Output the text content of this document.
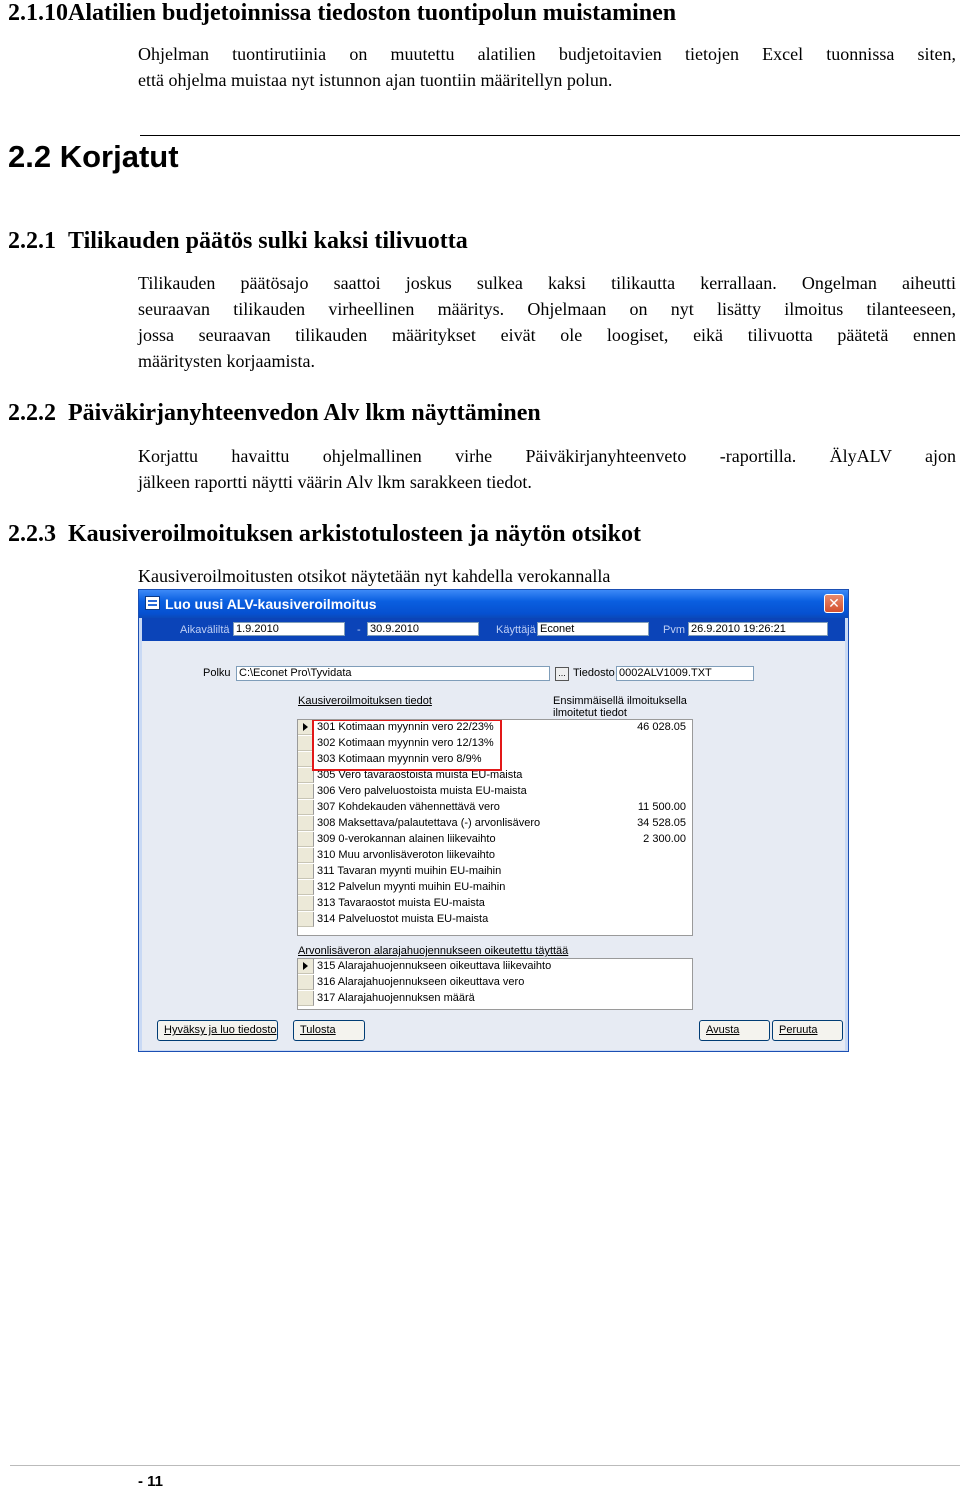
2.1.10Alatilien budjetoinnissa tiedoston tuontipolun muistaminen
Ohjelman tuontirutiinia on muutettu alatilien budjetoitavien tietojen Excel tuonnissa siten,
että ohjelma muistaa nyt istunnon ajan tuontiin määritellyn polun.
2.2 Korjatut
2.2.1 Tilikauden päätös sulki kaksi tilivuotta
Tilikauden päätösajo saattoi joskus sulkea kaksi tilikautta kerrallaan. Ongelman aiheutti
seuraavan tilikauden virheellinen määritys. Ohjelmaan on nyt lisätty ilmoitus tilanteeseen,
jossa seuraavan tilikauden määritykset eivät ole loogiset, eikä tilivuotta päätetä ennen
määritysten korjaamista.
2.2.2 Päiväkirjanyhteenvedon Alv lkm näyttäminen
Korjattu havaittu ohjelmallinen virhe Päiväkirjanyhteenveto -raportilla. ÄlyALV ajon
jälkeen raportti näytti väärin Alv lkm sarakkeen tiedot.
2.2.3 Kausiveroilmoituksen arkistotulosteen ja näytön otsikot
Kausiveroilmoitusten otsikot näytetään nyt kahdella verokannalla
Luo uusi ALV-kausiveroilmoitus	✕
Aikaväliltä 1.9.2010	- 30.9.2010	Käyttäjä Econet	Pvm 26.9.2010 19:26:21
Polku C:\Econet Pro\Tyvidata	... Tiedosto 0002ALV1009.TXT
Kausiveroilmoituksen tiedot	Ensimmäisellä ilmoituksella
ilmoitetut tiedot
301 Kotimaan myynnin vero 22/23%	46 028.05
302 Kotimaan myynnin vero 12/13%
303 Kotimaan myynnin vero 8/9%
305 Vero tavaraostoista muista EU-maista
306 Vero palveluostoista muista EU-maista
307 Kohdekauden vähennettävä vero	11 500.00
308 Maksettava/palautettava (-) arvonlisävero	34 528.05
309 0-verokannan alainen liikevaihto	2 300.00
310 Muu arvonlisäveroton liikevaihto
311 Tavaran myynti muihin EU-maihin
312 Palvelun myynti muihin EU-maihin
313 Tavaraostot muista EU-maista
314 Palveluostot muista EU-maista
Arvonlisäveron alarajahuojennukseen oikeutettu täyttää
315 Alarajahuojennukseen oikeuttava liikevaihto
316 Alarajahuojennukseen oikeuttava vero
317 Alarajahuojennuksen määrä
Hyväksy ja luo tiedosto	Tulosta	Avusta	Peruuta
- 11
